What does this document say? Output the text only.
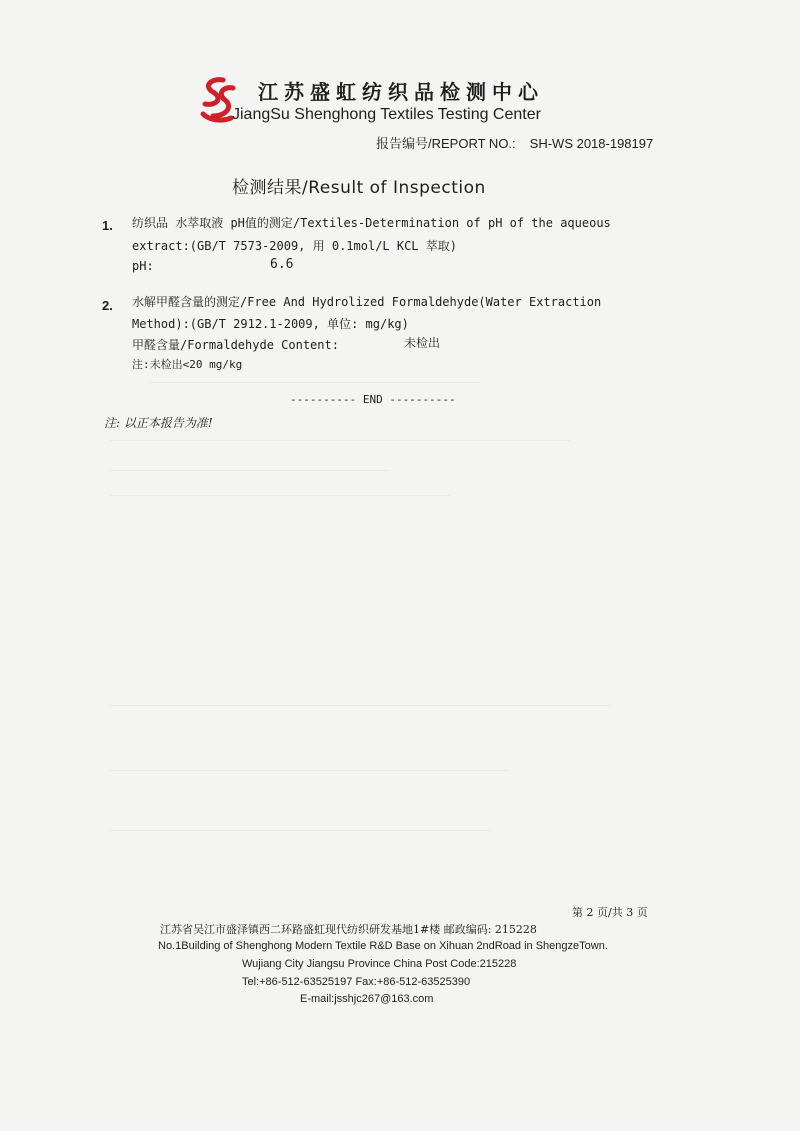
江苏盛虹纺织品检测中心
JiangSu Shenghong Textiles Testing Center
报告编号/REPORT NO.: SH-WS 2018-198197
检测结果/Result of Inspection
1. 纺织品 水萃取液 pH值的测定/Textiles-Determination of pH of the aqueous
extract:(GB/T 7573-2009, 用 0.1mol/L KCL 萃取)
pH:	6.6
2. 水解甲醛含量的测定/Free And Hydrolized Formaldehyde(Water Extraction
Method):(GB/T 2912.1-2009, 单位: mg/kg)
甲醛含量/Formaldehyde Content:	未检出
注:未检出<20 mg/kg
---------- END ----------
注: 以正本报告为准!
第 2 页/共 3 页
江苏省吴江市盛泽镇西二环路盛虹现代纺织研发基地1#楼 邮政编码: 215228
No.1Building of Shenghong Modern Textile R&D Base on Xihuan 2ndRoad in ShengzeTown.
Wujiang City Jiangsu Province China Post Code:215228
Tel:+86-512-63525197 Fax:+86-512-63525390
E-mail:jsshjc267@163.com
